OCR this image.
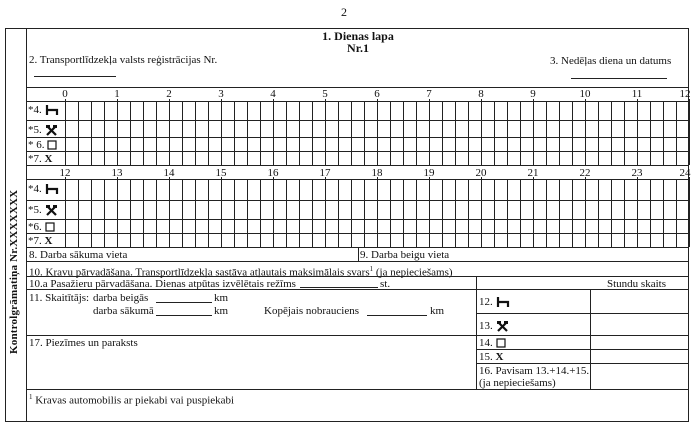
2
Kontrolgrāmatiņa Nr.XXXXXXX
1. Dienas lapa
Nr.1
2. Transportlīdzekļa valsts reģistrācijas Nr.	3. Nedēļas diena un datums
0	1	2	3	4	5	6	7	8	9	10	11	12
*4.
*5.
* 6.
*7. X
12	13	14	15	16	17	18	19	20	21	22	23	24
*4.
*5.
*6.
*7. X
8. Darba sākuma vieta	9. Darba beigu vieta
10. Kravu pārvadāšana. Transportlīdzekļa sastāva atļautais maksimālais svars$^1$ (ja nepieciešams)
10.a Pasažieru pārvadāšana. Dienas atpūtas izvēlētais režīms	st.	Stundu skaits
11. Skaitītājs: darba beigās	km
darba sākumā	km	Kopējais nobrauciens	km
12.
13.
17. Piezīmes un paraksts	14.
15. X
16. Pavisam 13.+14.+15.
(ja nepieciešams)
$^1$ Kravas automobilis ar piekabi vai puspiekabi
